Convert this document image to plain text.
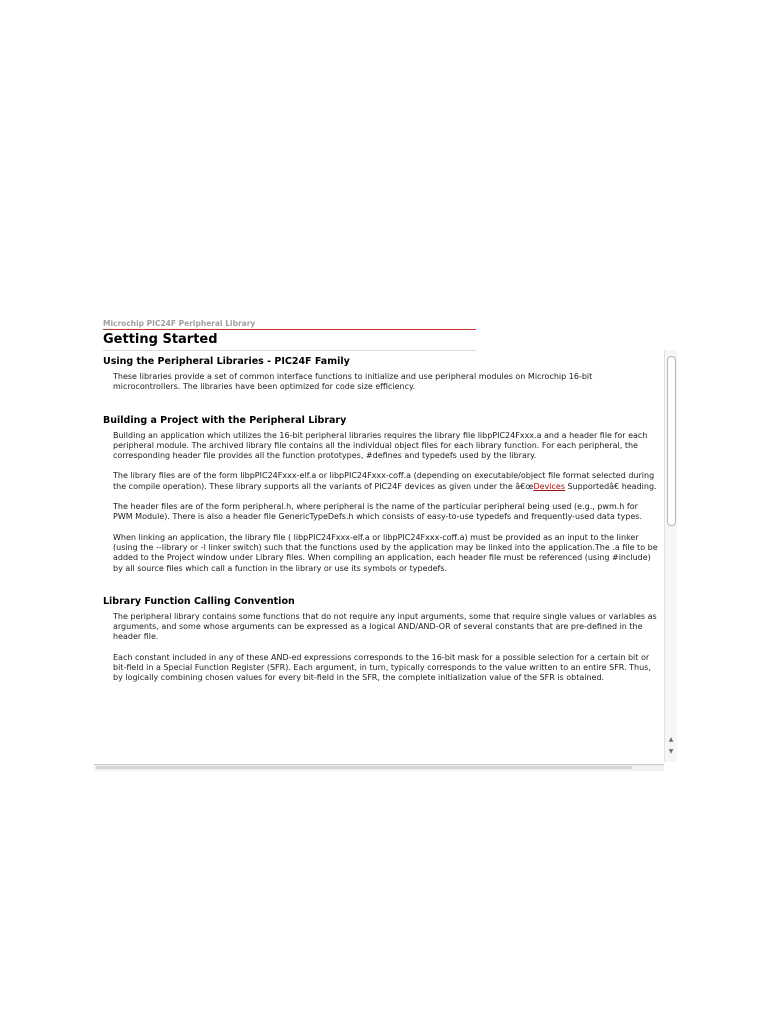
Microchip PIC24F Peripheral Library
Getting Started
Using the Peripheral Libraries - PIC24F Family

These libraries provide a set of common interface functions to initialize and use peripheral modules on Microchip 16-bit microcontrollers. The libraries have been optimized for code size efficiency.

Building a Project with the Peripheral Library

Building an application which utilizes the 16-bit peripheral libraries requires the library file libpPIC24Fxxx.a and a header file for each peripheral module. The archived library file contains all the individual object files for each library function. For each peripheral, the corresponding header file provides all the function prototypes, #defines and typedefs used by the library.

The library files are of the form libpPIC24Fxxx-elf.a or libpPIC24Fxxx-coff.a (depending on executable/object file format selected during the compile operation). These library supports all the variants of PIC24F devices as given under the â€œDevices Supportedâ€ heading.

The header files are of the form peripheral.h, where peripheral is the name of the particular peripheral being used (e.g., pwm.h for PWM Module). There is also a header file GenericTypeDefs.h which consists of easy-to-use typedefs and frequently-used data types.

When linking an application, the library file ( libpPIC24Fxxx-elf.a or libpPIC24Fxxx-coff.a) must be provided as an input to the linker (using the --library or -l linker switch) such that the functions used by the application may be linked into the application.The .a file to be added to the Project window under Library files. When compiling an application, each header file must be referenced (using #include) by all source files which call a function in the library or use its symbols or typedefs.

Library Function Calling Convention

The peripheral library contains some functions that do not require any input arguments, some that require single values or variables as arguments, and some whose arguments can be expressed as a logical AND/AND-OR of several constants that are pre-defined in the header file.

Each constant included in any of these AND-ed expressions corresponds to the 16-bit mask for a possible selection for a certain bit or bit-field in a Special Function Register (SFR). Each argument, in turn, typically corresponds to the value written to an entire SFR. Thus, by logically combining chosen values for every bit-field in the SFR, the complete initialization value of the SFR is obtained.

▲
▼
